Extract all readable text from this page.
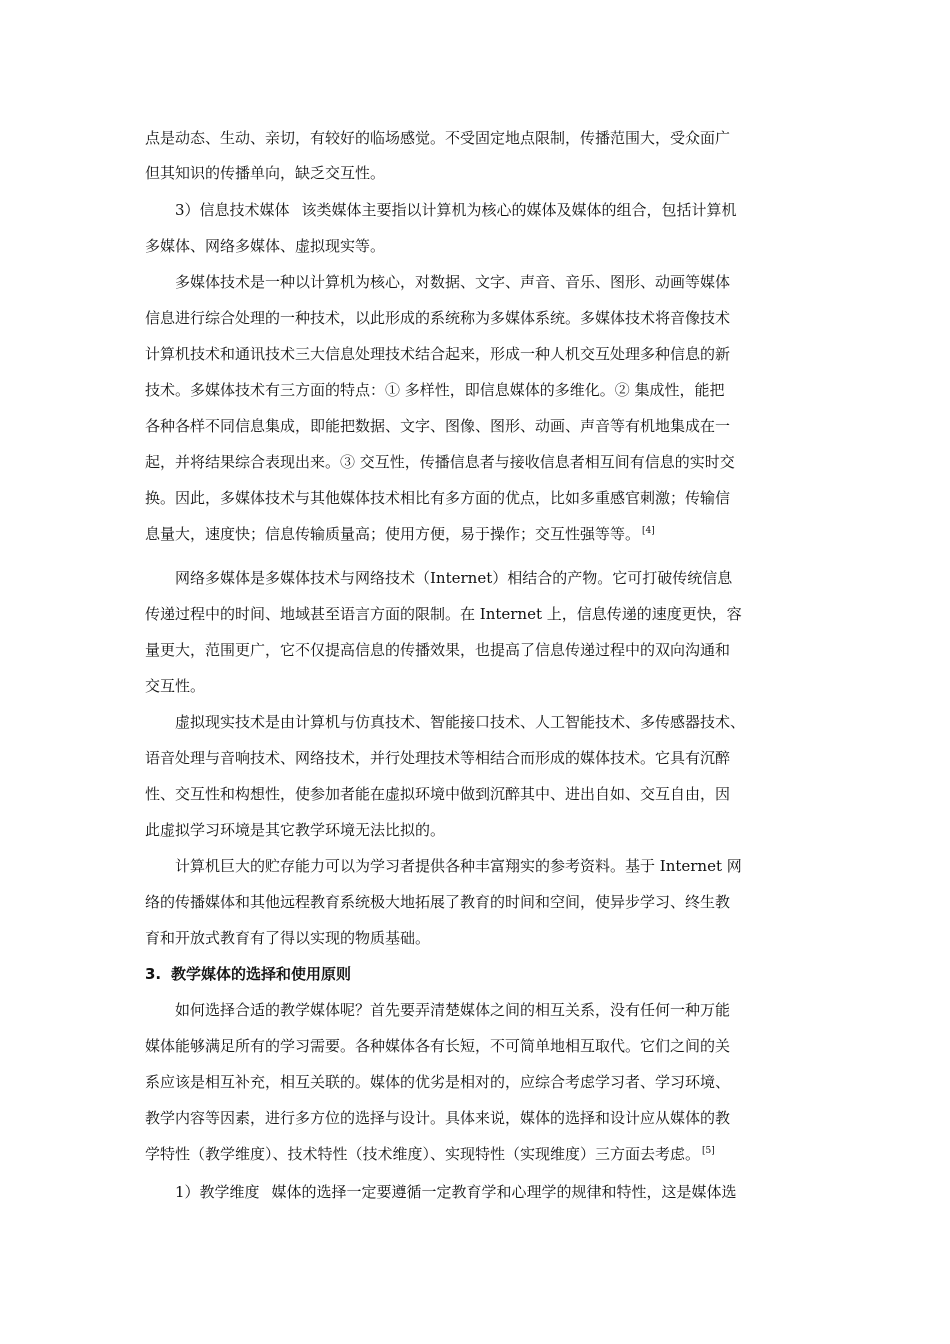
点是动态、生动、亲切，有较好的临场感觉。不受固定地点限制，传播范围大，受众面广
但其知识的传播单向，缺乏交互性。
3）信息技术媒体 该类媒体主要指以计算机为核心的媒体及媒体的组合，包括计算机
多媒体、网络多媒体、虚拟现实等。
多媒体技术是一种以计算机为核心，对数据、文字、声音、音乐、图形、动画等媒体
信息进行综合处理的一种技术，以此形成的系统称为多媒体系统。多媒体技术将音像技术
计算机技术和通讯技术三大信息处理技术结合起来，形成一种人机交互处理多种信息的新
技术。多媒体技术有三方面的特点：① 多样性，即信息媒体的多维化。② 集成性，能把
各种各样不同信息集成，即能把数据、文字、图像、图形、动画、声音等有机地集成在一
起，并将结果综合表现出来。③ 交互性，传播信息者与接收信息者相互间有信息的实时交
换。因此，多媒体技术与其他媒体技术相比有多方面的优点，比如多重感官刺激；传输信
息量大，速度快；信息传输质量高；使用方便，易于操作；交互性强等等。 [4]
网络多媒体是多媒体技术与网络技术（Internet）相结合的产物。它可打破传统信息
传递过程中的时间、地域甚至语言方面的限制。在 Internet 上，信息传递的速度更快，容
量更大，范围更广，它不仅提高信息的传播效果，也提高了信息传递过程中的双向沟通和
交互性。
虚拟现实技术是由计算机与仿真技术、智能接口技术、人工智能技术、多传感器技术、
语音处理与音响技术、网络技术，并行处理技术等相结合而形成的媒体技术。它具有沉醉
性、交互性和构想性，使参加者能在虚拟环境中做到沉醉其中、进出自如、交互自由，因
此虚拟学习环境是其它教学环境无法比拟的。
计算机巨大的贮存能力可以为学习者提供各种丰富翔实的参考资料。基于 Internet 网
络的传播媒体和其他远程教育系统极大地拓展了教育的时间和空间，使异步学习、终生教
育和开放式教育有了得以实现的物质基础。
3. 教学媒体的选择和使用原则
如何选择合适的教学媒体呢？首先要弄清楚媒体之间的相互关系，没有任何一种万能
媒体能够满足所有的学习需要。各种媒体各有长短，不可简单地相互取代。它们之间的关
系应该是相互补充，相互关联的。媒体的优劣是相对的，应综合考虑学习者、学习环境、
教学内容等因素，进行多方位的选择与设计。具体来说，媒体的选择和设计应从媒体的教
学特性（教学维度）、技术特性（技术维度）、实现特性（实现维度）三方面去考虑。 [5]
1）教学维度 媒体的选择一定要遵循一定教育学和心理学的规律和特性，这是媒体选
